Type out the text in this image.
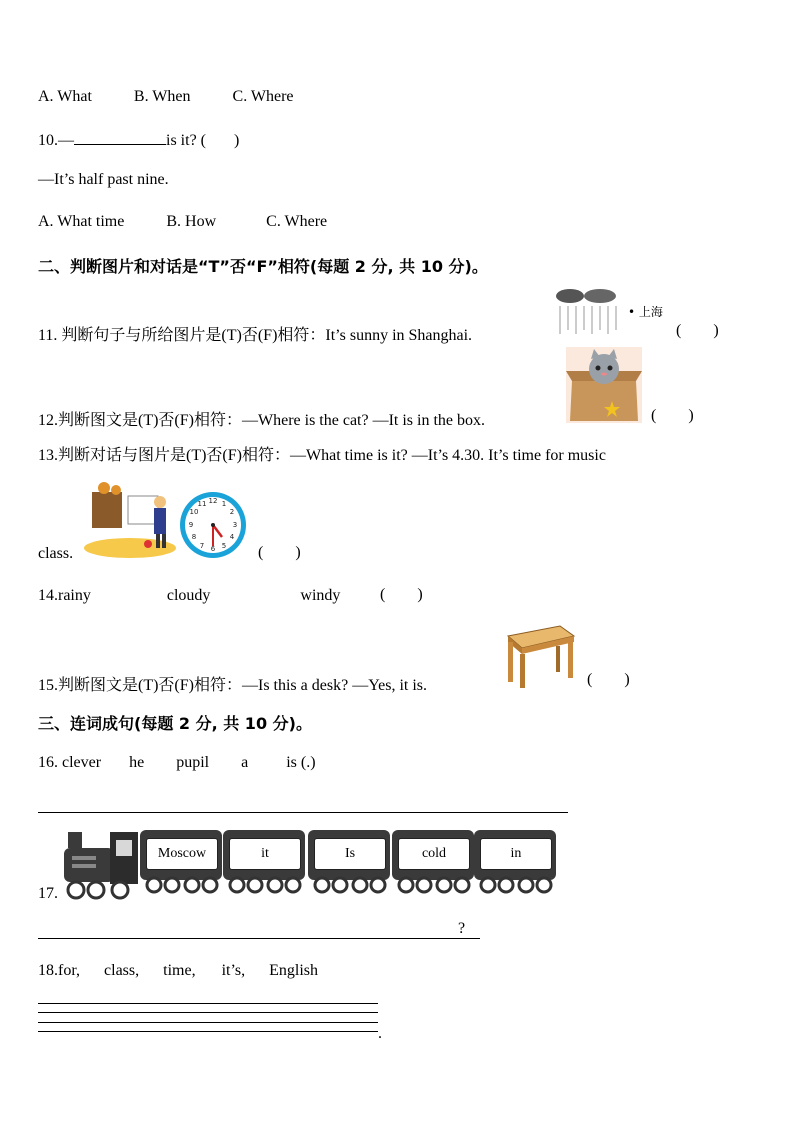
A. What	B. When	C. Where
10.—	is it? ( )
—It’s half past nine.
A. What time	B. How	C. Where
二、判断图片和对话是“T”否“F”相符(每题 2 分, 共 10 分)。
11. 判断句子与所给图片是(T)否(F)相符：It’s sunny in Shanghai.
• 上海
(        )
12.判断图文是(T)否(F)相符：—Where is the cat? —It is in the box.	(        )
13.判断对话与图片是(T)否(F)相符：—What time is it? —It’s 4.30. It’s time for music
12 1
2
3
4
5
6
7
8
9
10
11
class.	(        )
14.rainy	cloudy	windy (        )
15.判断图文是(T)否(F)相符：—Is this a desk? —Yes, it is.	(        )
三、连词成句(每题 2 分, 共 10 分)。
16. clever he pupil a is (.)
17.
Moscow	it	Is	cold	in
?
18.for, class, time, it’s, English
.
